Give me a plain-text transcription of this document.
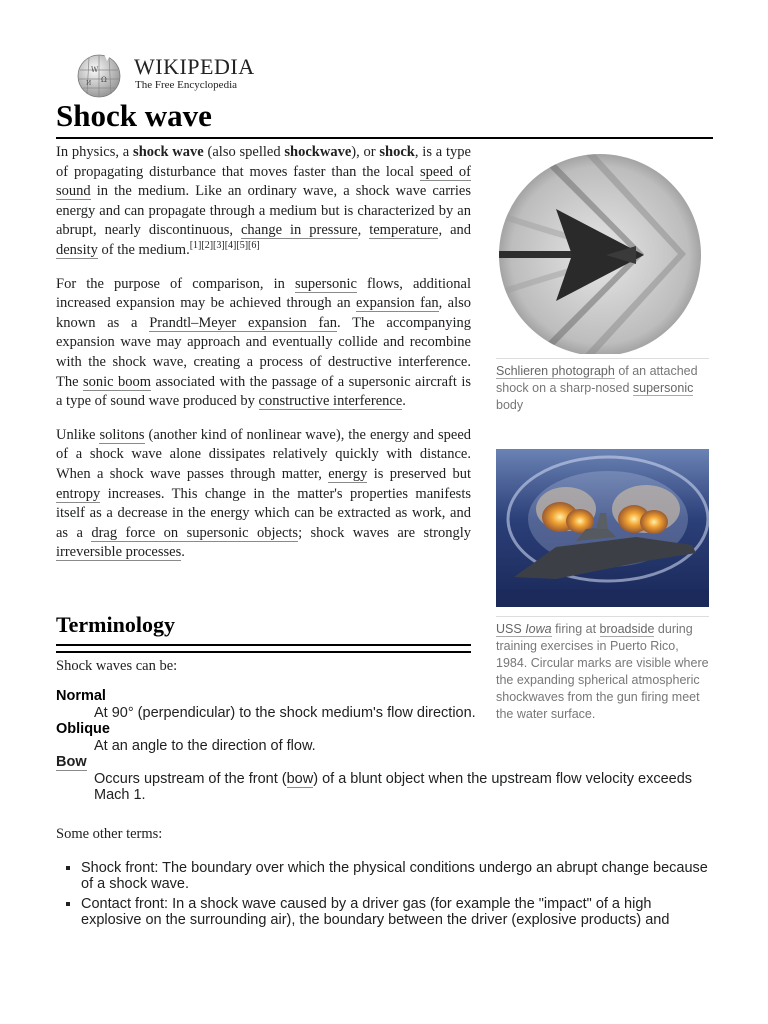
W
Ω
И
WIKIPEDIA
The Free Encyclopedia
Shock wave

In physics, a shock wave (also spelled shockwave), or shock, is a type of propagating disturbance that moves faster than the local speed of sound in the medium. Like an ordinary wave, a shock wave carries energy and can propagate through a medium but is characterized by an abrupt, nearly discontinuous, change in pressure, temperature, and density of the medium.[1][2][3][4][5][6]

For the purpose of comparison, in supersonic flows, additional increased expansion may be achieved through an expansion fan, also known as a Prandtl–Meyer expansion fan. The accompanying expansion wave may approach and eventually collide and recombine with the shock wave, creating a process of destructive interference. The sonic boom associated with the passage of a supersonic aircraft is a type of sound wave produced by constructive interference.

Unlike solitons (another kind of nonlinear wave), the energy and speed of a shock wave alone dissipates relatively quickly with distance. When a shock wave passes through matter, energy is preserved but entropy increases. This change in the matter's properties manifests itself as a decrease in the energy which can be extracted as work, and as a drag force on supersonic objects; shock waves are strongly irreversible processes.

Schlieren photograph of an attached shock on a sharp-nosed supersonic body
USS Iowa firing at broadside during training exercises in Puerto Rico, 1984. Circular marks are visible where the expanding spherical atmospheric shockwaves from the gun firing meet the water surface.
Terminology

Shock waves can be:

Normal
At 90° (perpendicular) to the shock medium's flow direction.
Oblique
At an angle to the direction of flow.
Bow
Occurs upstream of the front (bow) of a blunt object when the upstream flow velocity exceeds Mach 1.

Some other terms:

▪ Shock front: The boundary over which the physical conditions undergo an abrupt change because of a shock wave.
▪ Contact front: In a shock wave caused by a driver gas (for example the "impact" of a high explosive on the surrounding air), the boundary between the driver (explosive products) and
